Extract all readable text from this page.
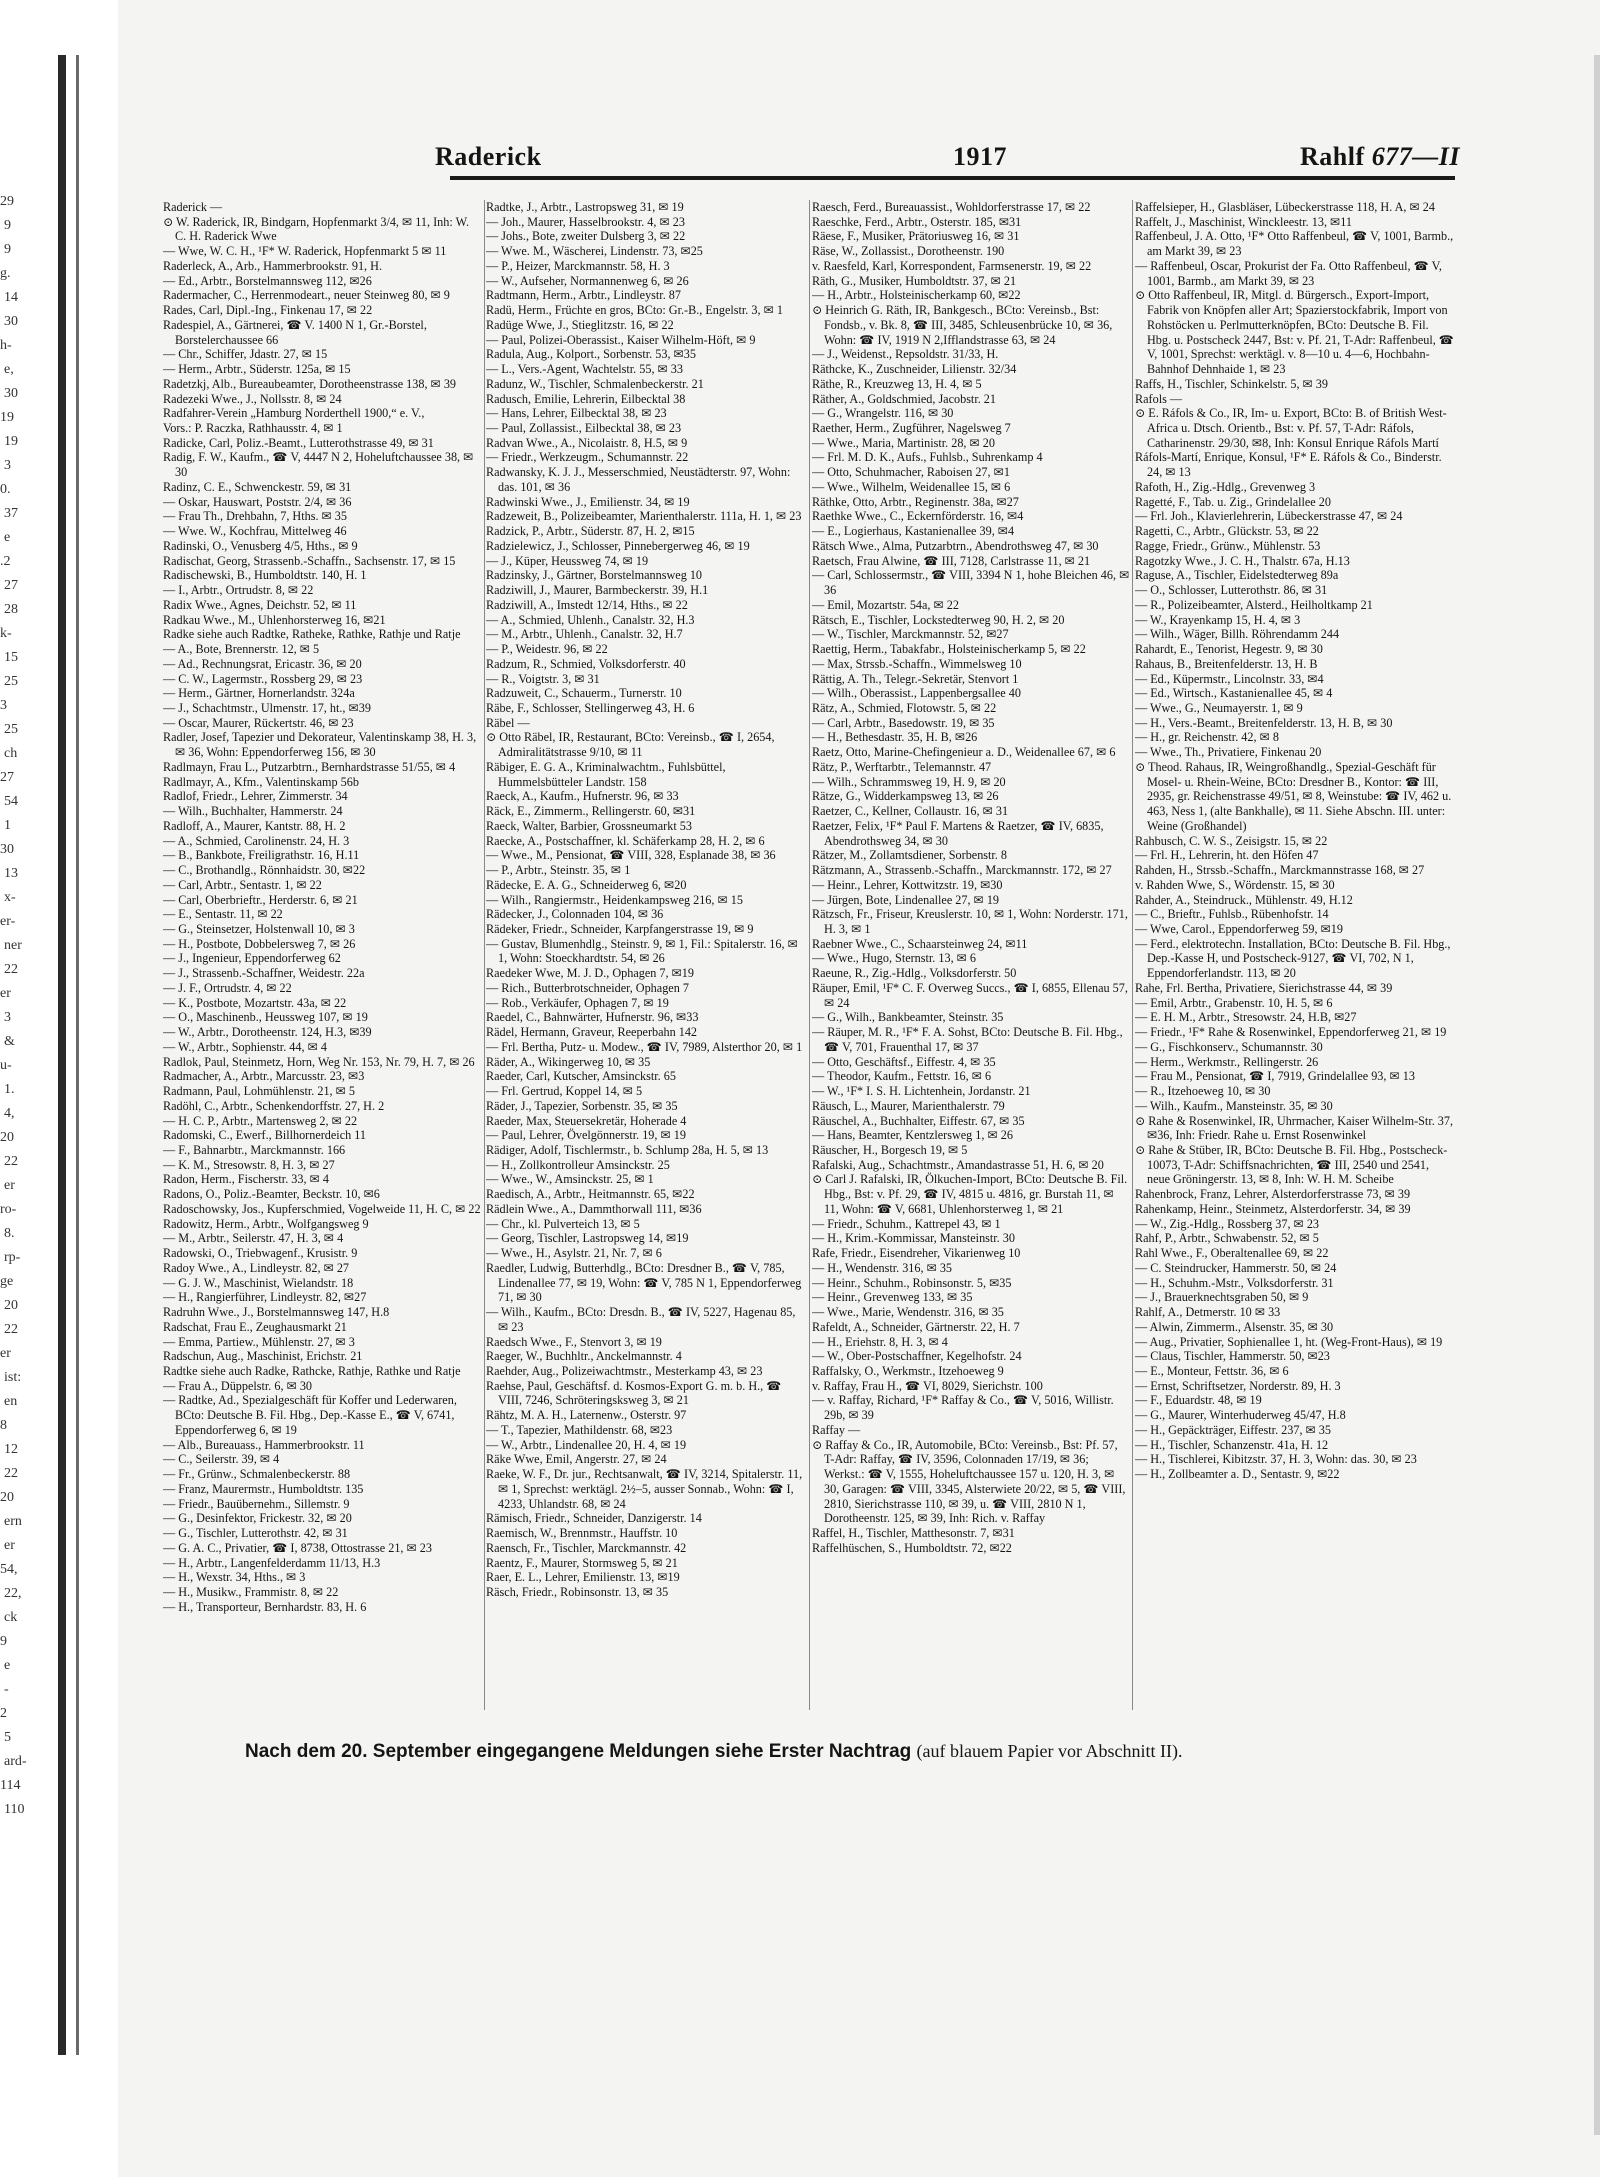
29
9
9
g.
14
30
h-
e,
30
19
19
3
0.
37
e
.2
27
28
k-
15
25
3
25
ch
27
54
1
30
13
x-
er-
ner
22
er
3
&
u-
1.
4,
20
22
er
ro-
8.
rp-
ge
20
22
er
ist:
en
8
12
22
20
ern
er
54,
22,
ck
9
e
-
2
5
ard-
114
110
Raderick	1917	Rahlf 677—II

Raderick —

⊙ W. Raderick, IR, Bindgarn, Hopfenmarkt 3/4, ✉ 11, Inh: W. C. H. Raderick Wwe

— Wwe, W. C. H., ¹F* W. Raderick, Hopfenmarkt 5 ✉ 11

Raderleck, A., Arb., Hammerbrookstr. 91, H.

— Ed., Arbtr., Borstelmannsweg 112, ✉26

Radermacher, C., Herrenmodeart., neuer Steinweg 80, ✉ 9

Rades, Carl, Dipl.-Ing., Finkenau 17, ✉ 22

Radespiel, A., Gärtnerei, ☎ V. 1400 N 1, Gr.-Borstel, Borstelerchaussee 66

— Chr., Schiffer, Jdastr. 27, ✉ 15

— Herm., Arbtr., Süderstr. 125a, ✉ 15

Radetzkj, Alb., Bureaubeamter, Dorotheenstrasse 138, ✉ 39

Radezeki Wwe., J., Nollsstr. 8, ✉ 24

Radfahrer-Verein „Hamburg Norderthell 1900,“ e. V.,

Vors.: P. Raczka, Rathhausstr. 4, ✉ 1

Radicke, Carl, Poliz.-Beamt., Lutterothstrasse 49, ✉ 31

Radig, F. W., Kaufm., ☎ V, 4447 N 2, Hoheluftchaussee 38, ✉ 30

Radinz, C. E., Schwenckestr. 59, ✉ 31

— Oskar, Hauswart, Poststr. 2/4, ✉ 36

— Frau Th., Drehbahn, 7, Hths. ✉ 35

— Wwe. W., Kochfrau, Mittelweg 46

Radinski, O., Venusberg 4/5, Hths., ✉ 9

Radischat, Georg, Strassenb.-Schaffn., Sachsenstr. 17, ✉ 15

Radischewski, B., Humboldtstr. 140, H. 1

— I., Arbtr., Ortrudstr. 8, ✉ 22

Radix Wwe., Agnes, Deichstr. 52, ✉ 11

Radkau Wwe., M., Uhlenhorsterweg 16, ✉21

Radke siehe auch Radtke, Ratheke, Rathke, Rathje und Ratje

— A., Bote, Brennerstr. 12, ✉ 5

— Ad., Rechnungsrat, Ericastr. 36, ✉ 20

— C. W., Lagermstr., Rossberg 29, ✉ 23

— Herm., Gärtner, Hornerlandstr. 324a

— J., Schachtmstr., Ulmenstr. 17, ht., ✉39

— Oscar, Maurer, Rückertstr. 46, ✉ 23

Radler, Josef, Tapezier und Dekorateur, Valentinskamp 38, H. 3, ✉ 36, Wohn: Eppendorferweg 156, ✉ 30

Radlmayn, Frau L., Putzarbtrn., Bernhardstrasse 51/55, ✉ 4

Radlmayr, A., Kfm., Valentinskamp 56b

Radlof, Friedr., Lehrer, Zimmerstr. 34

— Wilh., Buchhalter, Hammerstr. 24

Radloff, A., Maurer, Kantstr. 88, H. 2

— A., Schmied, Carolinenstr. 24, H. 3

— B., Bankbote, Freiligrathstr. 16, H.11

— C., Brothandlg., Rönnhaidstr. 30, ✉22

— Carl, Arbtr., Sentastr. 1, ✉ 22

— Carl, Oberbrieftr., Herderstr. 6, ✉ 21

— E., Sentastr. 11, ✉ 22

— G., Steinsetzer, Holstenwall 10, ✉ 3

— H., Postbote, Dobbelersweg 7, ✉ 26

— J., Ingenieur, Eppendorferweg 62

— J., Strassenb.-Schaffner, Weidestr. 22a

— J. F., Ortrudstr. 4, ✉ 22

— K., Postbote, Mozartstr. 43a, ✉ 22

— O., Maschinenb., Heussweg 107, ✉ 19

— W., Arbtr., Dorotheenstr. 124, H.3, ✉39

— W., Arbtr., Sophienstr. 44, ✉ 4

Radlok, Paul, Steinmetz, Horn, Weg Nr. 153, Nr. 79, H. 7, ✉ 26

Radmacher, A., Arbtr., Marcusstr. 23, ✉3

Radmann, Paul, Lohmühlenstr. 21, ✉ 5

Radöhl, C., Arbtr., Schenkendorffstr. 27, H. 2

— H. C. P., Arbtr., Martensweg 2, ✉ 22

Radomski, C., Ewerf., Billhornerdeich 11

— F., Bahnarbtr., Marckmannstr. 166

— K. M., Stresowstr. 8, H. 3, ✉ 27

Radon, Herm., Fischerstr. 33, ✉ 4

Radons, O., Poliz.-Beamter, Beckstr. 10, ✉6

Radoschowsky, Jos., Kupferschmied, Vogelweide 11, H. C, ✉ 22

Radowitz, Herm., Arbtr., Wolfgangsweg 9

— M., Arbtr., Seilerstr. 47, H. 3, ✉ 4

Radowski, O., Triebwagenf., Krusistr. 9

Radoy Wwe., A., Lindleystr. 82, ✉ 27

— G. J. W., Maschinist, Wielandstr. 18

— H., Rangierführer, Lindleystr. 82, ✉27

Radruhn Wwe., J., Borstelmannsweg 147, H.8

Radschat, Frau E., Zeughausmarkt 21

— Emma, Partiew., Mühlenstr. 27, ✉ 3

Radschun, Aug., Maschinist, Erichstr. 21

Radtke siehe auch Radke, Rathcke, Rathje, Rathke und Ratje

— Frau A., Düppelstr. 6, ✉ 30

— Radtke, Ad., Spezialgeschäft für Koffer und Lederwaren, BCto: Deutsche B. Fil. Hbg., Dep.-Kasse E., ☎ V, 6741, Eppendorferweg 6, ✉ 19

— Alb., Bureauass., Hammerbrookstr. 11

— C., Seilerstr. 39, ✉ 4

— Fr., Grünw., Schmalenbeckerstr. 88

— Franz, Maurermstr., Humboldtstr. 135

— Friedr., Bauübernehm., Sillemstr. 9

— G., Desinfektor, Frickestr. 32, ✉ 20

— G., Tischler, Lutterothstr. 42, ✉ 31

— G. A. C., Privatier, ☎ I, 8738, Ottostrasse 21, ✉ 23

— H., Arbtr., Langenfelderdamm 11/13, H.3

— H., Wexstr. 34, Hths., ✉ 3

— H., Musikw., Frammistr. 8, ✉ 22

— H., Transporteur, Bernhardstr. 83, H. 6

Radtke, J., Arbtr., Lastropsweg 31, ✉ 19

— Joh., Maurer, Hasselbrookstr. 4, ✉ 23

— Johs., Bote, zweiter Dulsberg 3, ✉ 22

— Wwe. M., Wäscherei, Lindenstr. 73, ✉25

— P., Heizer, Marckmannstr. 58, H. 3

— W., Aufseher, Normannenweg 6, ✉ 26

Radtmann, Herm., Arbtr., Lindleystr. 87

Radü, Herm., Früchte en gros, BCto: Gr.-B., Engelstr. 3, ✉ 1

Radüge Wwe, J., Stieglitzstr. 16, ✉ 22

— Paul, Polizei-Oberassist., Kaiser Wilhelm-Höft, ✉ 9

Radula, Aug., Kolport., Sorbenstr. 53, ✉35

— L., Vers.-Agent, Wachtelstr. 55, ✉ 33

Radunz, W., Tischler, Schmalenbeckerstr. 21

Radusch, Emilie, Lehrerin, Eilbecktal 38

— Hans, Lehrer, Eilbecktal 38, ✉ 23

— Paul, Zollassist., Eilbecktal 38, ✉ 23

Radvan Wwe., A., Nicolaistr. 8, H.5, ✉ 9

— Friedr., Werkzeugm., Schumannstr. 22

Radwansky, K. J. J., Messerschmied, Neustädterstr. 97, Wohn: das. 101, ✉ 36

Radwinski Wwe., J., Emilienstr. 34, ✉ 19

Radzeweit, B., Polizeibeamter, Marienthalerstr. 111a, H. 1, ✉ 23

Radzick, P., Arbtr., Süderstr. 87, H. 2, ✉15

Radzielewicz, J., Schlosser, Pinnebergerweg 46, ✉ 19

— J., Küper, Heussweg 74, ✉ 19

Radzinsky, J., Gärtner, Borstelmannsweg 10

Radziwill, J., Maurer, Barmbeckerstr. 39, H.1

Radziwill, A., Imstedt 12/14, Hths., ✉ 22

— A., Schmied, Uhlenh., Canalstr. 32, H.3

— M., Arbtr., Uhlenh., Canalstr. 32, H.7

— P., Weidestr. 96, ✉ 22

Radzum, R., Schmied, Volksdorferstr. 40

— R., Voigtstr. 3, ✉ 31

Radzuweit, C., Schauerm., Turnerstr. 10

Räbe, F., Schlosser, Stellingerweg 43, H. 6

Räbel —

⊙ Otto Räbel, IR, Restaurant, BCto: Vereinsb., ☎ I, 2654, Admiralitätstrasse 9/10, ✉ 11

Räbiger, E. G. A., Kriminalwachtm., Fuhlsbüttel, Hummelsbütteler Landstr. 158

Raeck, A., Kaufm., Hufnerstr. 96, ✉ 33

Räck, E., Zimmerm., Rellingerstr. 60, ✉31

Raeck, Walter, Barbier, Grossneumarkt 53

Raecke, A., Postschaffner, kl. Schäferkamp 28, H. 2, ✉ 6

— Wwe., M., Pensionat, ☎ VIII, 328, Esplanade 38, ✉ 36

— P., Arbtr., Steinstr. 35, ✉ 1

Rädecke, E. A. G., Schneiderweg 6, ✉20

— Wilh., Rangiermstr., Heidenkampsweg 216, ✉ 15

Rädecker, J., Colonnaden 104, ✉ 36

Rädeker, Friedr., Schneider, Karpfangerstrasse 19, ✉ 9

— Gustav, Blumenhdlg., Steinstr. 9, ✉ 1, Fil.: Spitalerstr. 16, ✉ 1, Wohn: Stoeckhardtstr. 54, ✉ 26

Raedeker Wwe, M. J. D., Ophagen 7, ✉19

— Rich., Butterbrotschneider, Ophagen 7

— Rob., Verkäufer, Ophagen 7, ✉ 19

Raedel, C., Bahnwärter, Hufnerstr. 96, ✉33

Rädel, Hermann, Graveur, Reeperbahn 142

— Frl. Bertha, Putz- u. Modew., ☎ IV, 7989, Alsterthor 20, ✉ 1

Räder, A., Wikingerweg 10, ✉ 35

Raeder, Carl, Kutscher, Amsinckstr. 65

— Frl. Gertrud, Koppel 14, ✉ 5

Räder, J., Tapezier, Sorbenstr. 35, ✉ 35

Raeder, Max, Steuersekretär, Hoherade 4

— Paul, Lehrer, Övelgönnerstr. 19, ✉ 19

Rädiger, Adolf, Tischlermstr., b. Schlump 28a, H. 5, ✉ 13

— H., Zollkontrolleur Amsinckstr. 25

— Wwe., W., Amsinckstr. 25, ✉ 1

Raedisch, A., Arbtr., Heitmannstr. 65, ✉22

Rädlein Wwe., A., Dammthorwall 111, ✉36

— Chr., kl. Pulverteich 13, ✉ 5

— Georg, Tischler, Lastropsweg 14, ✉19

— Wwe., H., Asylstr. 21, Nr. 7, ✉ 6

Raedler, Ludwig, Butterhdlg., BCto: Dresdner B., ☎ V, 785, Lindenallee 77, ✉ 19, Wohn: ☎ V, 785 N 1, Eppendorferweg 71, ✉ 30

— Wilh., Kaufm., BCto: Dresdn. B., ☎ IV, 5227, Hagenau 85, ✉ 23

Raedsch Wwe., F., Stenvort 3, ✉ 19

Raeger, W., Buchhltr., Anckelmannstr. 4

Raehder, Aug., Polizeiwachtmstr., Mesterkamp 43, ✉ 23

Raehse, Paul, Geschäftsf. d. Kosmos-Export G. m. b. H., ☎ VIII, 7246, Schröteringsksweg 3, ✉ 21

Rähtz, M. A. H., Laternenw., Osterstr. 97

— T., Tapezier, Mathildenstr. 68, ✉23

— W., Arbtr., Lindenallee 20, H. 4, ✉ 19

Räke Wwe, Emil, Angerstr. 27, ✉ 24

Raeke, W. F., Dr. jur., Rechtsanwalt, ☎ IV, 3214, Spitalerstr. 11, ✉ 1, Sprechst: werktägl. 2½–5, ausser Sonnab., Wohn: ☎ I, 4233, Uhlandstr. 68, ✉ 24

Rämisch, Friedr., Schneider, Danzigerstr. 14

Raemisch, W., Brennmstr., Hauffstr. 10

Raensch, Fr., Tischler, Marckmannstr. 42

Raentz, F., Maurer, Stormsweg 5, ✉ 21

Raer, E. L., Lehrer, Emilienstr. 13, ✉19

Räsch, Friedr., Robinsonstr. 13, ✉ 35

Raesch, Ferd., Bureauassist., Wohldorferstrasse 17, ✉ 22

Raeschke, Ferd., Arbtr., Osterstr. 185, ✉31

Räese, F., Musiker, Prätoriusweg 16, ✉ 31

Räse, W., Zollassist., Dorotheenstr. 190

v. Raesfeld, Karl, Korrespondent, Farmsenerstr. 19, ✉ 22

Räth, G., Musiker, Humboldtstr. 37, ✉ 21

— H., Arbtr., Holsteinischerkamp 60, ✉22

⊙ Heinrich G. Räth, IR, Bankgesch., BCto: Vereinsb., Bst: Fondsb., v. Bk. 8, ☎ III, 3485, Schleusenbrücke 10, ✉ 36, Wohn: ☎ IV, 1919 N 2,Ifflandstrasse 63, ✉ 24

— J., Weidenst., Repsoldstr. 31/33, H.

Räthcke, K., Zuschneider, Lilienstr. 32/34

Räthe, R., Kreuzweg 13, H. 4, ✉ 5

Räther, A., Goldschmied, Jacobstr. 21

— G., Wrangelstr. 116, ✉ 30

Raether, Herm., Zugführer, Nagelsweg 7

— Wwe., Maria, Martinistr. 28, ✉ 20

— Frl. M. D. K., Aufs., Fuhlsb., Suhrenkamp 4

— Otto, Schuhmacher, Raboisen 27, ✉1

— Wwe., Wilhelm, Weidenallee 15, ✉ 6

Räthke, Otto, Arbtr., Reginenstr. 38a, ✉27

Raethke Wwe., C., Eckernförderstr. 16, ✉4

— E., Logierhaus, Kastanienallee 39, ✉4

Rätsch Wwe., Alma, Putzarbtrn., Abendrothsweg 47, ✉ 30

Raetsch, Frau Alwine, ☎ III, 7128, Carlstrasse 11, ✉ 21

— Carl, Schlossermstr., ☎ VIII, 3394 N 1, hohe Bleichen 46, ✉ 36

— Emil, Mozartstr. 54a, ✉ 22

Rätsch, E., Tischler, Lockstedterweg 90, H. 2, ✉ 20

— W., Tischler, Marckmannstr. 52, ✉27

Raettig, Herm., Tabakfabr., Holsteinischerkamp 5, ✉ 22

— Max, Strssb.-Schaffn., Wimmelsweg 10

Rättig, A. Th., Telegr.-Sekretär, Stenvort 1

— Wilh., Oberassist., Lappenbergsallee 40

Rätz, A., Schmied, Flotowstr. 5, ✉ 22

— Carl, Arbtr., Basedowstr. 19, ✉ 35

— H., Bethesdastr. 35, H. B, ✉26

Raetz, Otto, Marine-Chefingenieur a. D., Weidenallee 67, ✉ 6

Rätz, P., Werftarbtr., Telemannstr. 47

— Wilh., Schrammsweg 19, H. 9, ✉ 20

Rätze, G., Widderkampsweg 13, ✉ 26

Raetzer, C., Kellner, Collaustr. 16, ✉ 31

Raetzer, Felix, ¹F* Paul F. Martens & Raetzer, ☎ IV, 6835, Abendrothsweg 34, ✉ 30

Rätzer, M., Zollamtsdiener, Sorbenstr. 8

Rätzmann, A., Strassenb.-Schaffn., Marckmannstr. 172, ✉ 27

— Heinr., Lehrer, Kottwitzstr. 19, ✉30

— Jürgen, Bote, Lindenallee 27, ✉ 19

Rätzsch, Fr., Friseur, Kreuslerstr. 10, ✉ 1, Wohn: Norderstr. 171, H. 3, ✉ 1

Raebner Wwe., C., Schaarsteinweg 24, ✉11

— Wwe., Hugo, Sternstr. 13, ✉ 6

Raeune, R., Zig.-Hdlg., Volksdorferstr. 50

Räuper, Emil, ¹F* C. F. Overweg Succs., ☎ I, 6855, Ellenau 57, ✉ 24

— G., Wilh., Bankbeamter, Steinstr. 35

— Räuper, M. R., ¹F* F. A. Sohst, BCto: Deutsche B. Fil. Hbg., ☎ V, 701, Frauenthal 17, ✉ 37

— Otto, Geschäftsf., Eiffestr. 4, ✉ 35

— Theodor, Kaufm., Fettstr. 16, ✉ 6

— W., ¹F* I. S. H. Lichtenhein, Jordanstr. 21

Räusch, L., Maurer, Marienthalerstr. 79

Räuschel, A., Buchhalter, Eiffestr. 67, ✉ 35

— Hans, Beamter, Kentzlersweg 1, ✉ 26

Räuscher, H., Borgesch 19, ✉ 5

Rafalski, Aug., Schachtmstr., Amandastrasse 51, H. 6, ✉ 20

⊙ Carl J. Rafalski, IR, Ölkuchen-Import, BCto: Deutsche B. Fil. Hbg., Bst: v. Pf. 29, ☎ IV, 4815 u. 4816, gr. Burstah 11, ✉ 11, Wohn: ☎ V, 6681, Uhlenhorsterweg 1, ✉ 21

— Friedr., Schuhm., Kattrepel 43, ✉ 1

— H., Krim.-Kommissar, Mansteinstr. 30

Rafe, Friedr., Eisendreher, Vikarienweg 10

— H., Wendenstr. 316, ✉ 35

— Heinr., Schuhm., Robinsonstr. 5, ✉35

— Heinr., Grevenweg 133, ✉ 35

— Wwe., Marie, Wendenstr. 316, ✉ 35

Rafeldt, A., Schneider, Gärtnerstr. 22, H. 7

— H., Eriehstr. 8, H. 3, ✉ 4

— W., Ober-Postschaffner, Kegelhofstr. 24

Raffalsky, O., Werkmstr., Itzehoeweg 9

v. Raffay, Frau H., ☎ VI, 8029, Sierichstr. 100

— v. Raffay, Richard, ¹F* Raffay & Co., ☎ V, 5016, Willistr. 29b, ✉ 39

Raffay —

⊙ Raffay & Co., IR, Automobile, BCto: Vereinsb., Bst: Pf. 57, T-Adr: Raffay, ☎ IV, 3596, Colonnaden 17/19, ✉ 36; Werkst.: ☎ V, 1555, Hoheluftchaussee 157 u. 120, H. 3, ✉ 30, Garagen: ☎ VIII, 3345, Alsterwiete 20/22, ✉ 5, ☎ VIII, 2810, Sierichstrasse 110, ✉ 39, u. ☎ VIII, 2810 N 1, Dorotheenstr. 125, ✉ 39, Inh: Rich. v. Raffay

Raffel, H., Tischler, Matthesonstr. 7, ✉31

Raffelhüschen, S., Humboldtstr. 72, ✉22

Raffelsieper, H., Glasbläser, Lübeckerstrasse 118, H. A, ✉ 24

Raffelt, J., Maschinist, Winckleestr. 13, ✉11

Raffenbeul, J. A. Otto, ¹F* Otto Raffenbeul, ☎ V, 1001, Barmb., am Markt 39, ✉ 23

— Raffenbeul, Oscar, Prokurist der Fa. Otto Raffenbeul, ☎ V, 1001, Barmb., am Markt 39, ✉ 23

⊙ Otto Raffenbeul, IR, Mitgl. d. Bürgersch., Export-Import, Fabrik von Knöpfen aller Art; Spazierstockfabrik, Import von Rohstöcken u. Perlmutterknöpfen, BCto: Deutsche B. Fil. Hbg. u. Postscheck 2447, Bst: v. Pf. 21, T-Adr: Raffenbeul, ☎ V, 1001, Sprechst: werktägl. v. 8—10 u. 4—6, Hochbahn-Bahnhof Dehnhaide 1, ✉ 23

Raffs, H., Tischler, Schinkelstr. 5, ✉ 39

Rafols —

⊙ E. Ráfols & Co., IR, Im- u. Export, BCto: B. of British West-Africa u. Dtsch. Orientb., Bst: v. Pf. 57, T-Adr: Ráfols, Catharinenstr. 29/30, ✉8, Inh: Konsul Enrique Ráfols Martí

Ráfols-Martí, Enrique, Konsul, ¹F* E. Ráfols & Co., Binderstr. 24, ✉ 13

Rafoth, H., Zig.-Hdlg., Grevenweg 3

Ragetté, F., Tab. u. Zig., Grindelallee 20

— Frl. Joh., Klavierlehrerin, Lübeckerstrasse 47, ✉ 24

Ragetti, C., Arbtr., Glückstr. 53, ✉ 22

Ragge, Friedr., Grünw., Mühlenstr. 53

Ragotzky Wwe., J. C. H., Thalstr. 67a, H.13

Raguse, A., Tischler, Eidelstedterweg 89a

— O., Schlosser, Lutterothstr. 86, ✉ 31

— R., Polizeibeamter, Alsterd., Heilholtkamp 21

— W., Krayenkamp 15, H. 4, ✉ 3

— Wilh., Wäger, Billh. Röhrendamm 244

Rahardt, E., Tenorist, Hegestr. 9, ✉ 30

Rahaus, B., Breitenfelderstr. 13, H. B

— Ed., Küpermstr., Lincolnstr. 33, ✉4

— Ed., Wirtsch., Kastanienallee 45, ✉ 4

— Wwe., G., Neumayerstr. 1, ✉ 9

— H., Vers.-Beamt., Breitenfelderstr. 13, H. B, ✉ 30

— H., gr. Reichenstr. 42, ✉ 8

— Wwe., Th., Privatiere, Finkenau 20

⊙ Theod. Rahaus, IR, Weingroßhandlg., Spezial-Geschäft für Mosel- u. Rhein-Weine, BCto: Dresdner B., Kontor: ☎ III, 2935, gr. Reichenstrasse 49/51, ✉ 8, Weinstube: ☎ IV, 462 u. 463, Ness 1, (alte Bankhalle), ✉ 11. Siehe Abschn. III. unter: Weine (Großhandel)

Rahbusch, C. W. S., Zeisigstr. 15, ✉ 22

— Frl. H., Lehrerin, ht. den Höfen 47

Rahden, H., Strssb.-Schaffn., Marckmannstrasse 168, ✉ 27

v. Rahden Wwe, S., Wördenstr. 15, ✉ 30

Rahder, A., Steindruck., Mühlenstr. 49, H.12

— C., Brieftr., Fuhlsb., Rübenhofstr. 14

— Wwe, Carol., Eppendorferweg 59, ✉19

— Ferd., elektrotechn. Installation, BCto: Deutsche B. Fil. Hbg., Dep.-Kasse H, und Postscheck-9127, ☎ VI, 702, N 1, Eppendorferlandstr. 113, ✉ 20

Rahe, Frl. Bertha, Privatiere, Sierichstrasse 44, ✉ 39

— Emil, Arbtr., Grabenstr. 10, H. 5, ✉ 6

— E. H. M., Arbtr., Stresowstr. 24, H.B, ✉27

— Friedr., ¹F* Rahe & Rosenwinkel, Eppendorferweg 21, ✉ 19

— G., Fischkonserv., Schumannstr. 30

— Herm., Werkmstr., Rellingerstr. 26

— Frau M., Pensionat, ☎ I, 7919, Grindelallee 93, ✉ 13

— R., Itzehoeweg 10, ✉ 30

— Wilh., Kaufm., Mansteinstr. 35, ✉ 30

⊙ Rahe & Rosenwinkel, IR, Uhrmacher, Kaiser Wilhelm-Str. 37, ✉36, Inh: Friedr. Rahe u. Ernst Rosenwinkel

⊙ Rahe & Stüber, IR, BCto: Deutsche B. Fil. Hbg., Postscheck-10073, T-Adr: Schiffsnachrichten, ☎ III, 2540 und 2541, neue Gröningerstr. 13, ✉ 8, Inh: W. H. M. Scheibe

Rahenbrock, Franz, Lehrer, Alsterdorferstrasse 73, ✉ 39

Rahenkamp, Heinr., Steinmetz, Alsterdorferstr. 34, ✉ 39

— W., Zig.-Hdlg., Rossberg 37, ✉ 23

Rahf, P., Arbtr., Schwabenstr. 52, ✉ 5

Rahl Wwe., F., Oberaltenallee 69, ✉ 22

— C. Steindrucker, Hammerstr. 50, ✉ 24

— H., Schuhm.-Mstr., Volksdorferstr. 31

— J., Brauerknechtsgraben 50, ✉ 9

Rahlf, A., Detmerstr. 10 ✉ 33

— Alwin, Zimmerm., Alsenstr. 35, ✉ 30

— Aug., Privatier, Sophienallee 1, ht. (Weg-Front-Haus), ✉ 19

— Claus, Tischler, Hammerstr. 50, ✉23

— E., Monteur, Fettstr. 36, ✉ 6

— Ernst, Schriftsetzer, Norderstr. 89, H. 3

— F., Eduardstr. 48, ✉ 19

— G., Maurer, Winterhuderweg 45/47, H.8

— H., Gepäckträger, Eiffestr. 237, ✉ 35

— H., Tischler, Schanzenstr. 41a, H. 12

— H., Tischlerei, Kibitzstr. 37, H. 3, Wohn: das. 30, ✉ 23

— H., Zollbeamter a. D., Sentastr. 9, ✉22

Nach dem 20. September eingegangene Meldungen siehe Erster Nachtrag (auf blauem Papier vor Abschnitt II).
